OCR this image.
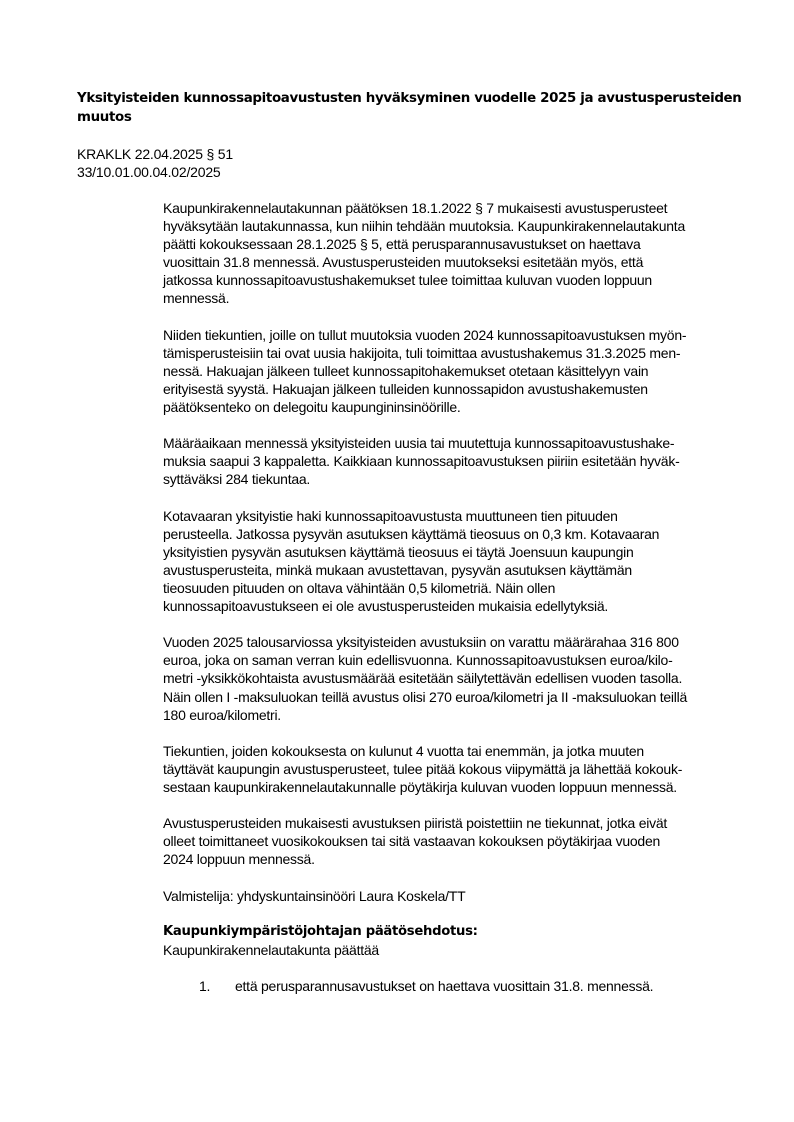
Yksityisteiden kunnossapitoavustusten hyväksyminen vuodelle 2025 ja avustusperusteiden
muutos
KRAKLK 22.04.2025 § 51
33/10.01.00.04.02/2025

Kaupunkirakennelautakunnan päätöksen 18.1.2022 § 7 mukaisesti avustusperusteet
hyväksytään lautakunnassa, kun niihin tehdään muutoksia. Kaupunkirakennelautakunta
päätti kokouksessaan 28.1.2025 § 5, että perusparannusavustukset on haettava
vuosittain 31.8 mennessä. Avustusperusteiden muutokseksi esitetään myös, että
jatkossa kunnossapitoavustushakemukset tulee toimittaa kuluvan vuoden loppuun
mennessä.

Niiden tiekuntien, joille on tullut muutoksia vuoden 2024 kunnossapitoavustuksen myön-
tämisperusteisiin tai ovat uusia hakijoita, tuli toimittaa avustushakemus 31.3.2025 men-
nessä. Hakuajan jälkeen tulleet kunnossapitohakemukset otetaan käsittelyyn vain
erityisestä syystä. Hakuajan jälkeen tulleiden kunnossapidon avustushakemusten
päätöksenteko on delegoitu kaupungininsinöörille.

Määräaikaan mennessä yksityisteiden uusia tai muutettuja kunnossapitoavustushake-
muksia saapui 3 kappaletta. Kaikkiaan kunnossapitoavustuksen piiriin esitetään hyväk-
syttäväksi 284 tiekuntaa.

Kotavaaran yksityistie haki kunnossapitoavustusta muuttuneen tien pituuden
perusteella. Jatkossa pysyvän asutuksen käyttämä tieosuus on 0,3 km. Kotavaaran
yksityistien pysyvän asutuksen käyttämä tieosuus ei täytä Joensuun kaupungin
avustusperusteita, minkä mukaan avustettavan, pysyvän asutuksen käyttämän
tieosuuden pituuden on oltava vähintään 0,5 kilometriä. Näin ollen
kunnossapitoavustukseen ei ole avustusperusteiden mukaisia edellytyksiä.

Vuoden 2025 talousarviossa yksityisteiden avustuksiin on varattu määrärahaa 316 800
euroa, joka on saman verran kuin edellisvuonna. Kunnossapitoavustuksen euroa/kilo-
metri -yksikkökohtaista avustusmäärää esitetään säilytettävän edellisen vuoden tasolla.
Näin ollen I -maksuluokan teillä avustus olisi 270 euroa/kilometri ja II -maksuluokan teillä
180 euroa/kilometri.

Tiekuntien, joiden kokouksesta on kulunut 4 vuotta tai enemmän, ja jotka muuten
täyttävät kaupungin avustusperusteet, tulee pitää kokous viipymättä ja lähettää kokouk-
sestaan kaupunkirakennelautakunnalle pöytäkirja kuluvan vuoden loppuun mennessä.

Avustusperusteiden mukaisesti avustuksen piiristä poistettiin ne tiekunnat, jotka eivät
olleet toimittaneet vuosikokouksen tai sitä vastaavan kokouksen pöytäkirjaa vuoden
2024 loppuun mennessä.

Valmistelija: yhdyskuntainsinööri Laura Koskela/TT

Kaupunkiympäristöjohtajan päätösehdotus:
Kaupunkirakennelautakunta päättää
1. että perusparannusavustukset on haettava vuosittain 31.8. mennessä.
